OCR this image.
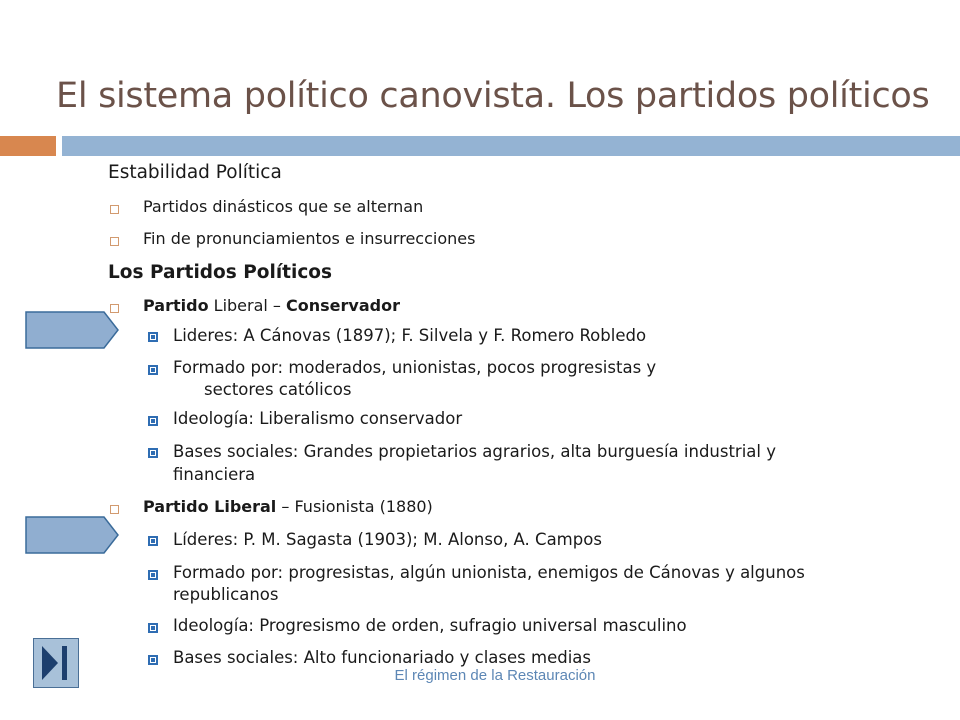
El sistema político canovista. Los partidos políticos
Estabilidad Política
Partidos dinásticos que se alternan
Fin de pronunciamientos e insurrecciones
Los Partidos Políticos
Partido Liberal – Conservador
Lideres: A Cánovas (1897); F. Silvela y F. Romero Robledo
Formado por: moderados, unionistas, pocos progresistas y
sectores católicos
Ideología: Liberalismo conservador
Bases sociales: Grandes propietarios agrarios, alta burguesía industrial y
financiera
Partido Liberal – Fusionista (1880)
Líderes: P. M. Sagasta (1903); M. Alonso, A. Campos
Formado por: progresistas, algún unionista, enemigos de Cánovas y algunos
republicanos
Ideología: Progresismo de orden, sufragio universal masculino
Bases sociales: Alto funcionariado y clases medias
El régimen de la Restauración
